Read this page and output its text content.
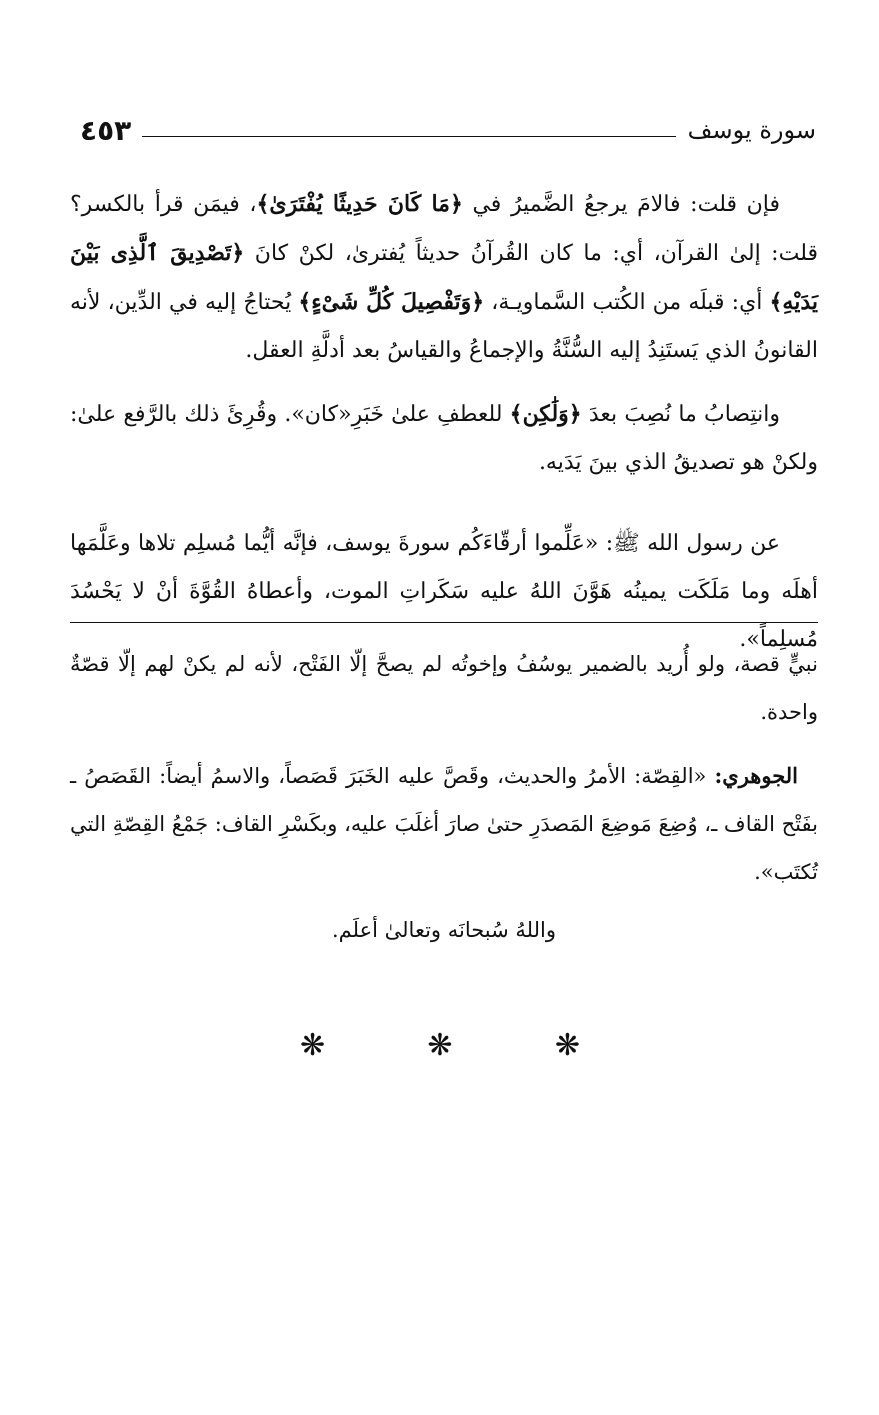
٤٥٣	سورة يوسف

فإن قلت: فالامَ يرجعُ الضَّميرُ في ﴿مَا كَانَ حَدِيثًا يُفْتَرَىٰ﴾، فيمَن قرأ بالكسر؟ قلت: إلىٰ القرآن، أي: ما كان القُرآنُ حديثاً يُفترىٰ، لكنْ كانَ ﴿تَصْدِيقَ ٱلَّذِى بَيْنَ يَدَيْهِ﴾ أي: قبلَه من الكُتب السَّماويـة، ﴿وَتَفْصِيلَ كُلِّ شَىْءٍ﴾ يُحتاجُ إليه في الدِّين، لأنه القانونُ الذي يَستَنِدُ إليه السُّنَّةُ والإجماعُ والقياسُ بعد أدلَّةِ العقل.

وانتِصابُ ما نُصِبَ بعدَ ﴿وَلَٰكِن﴾ للعطفِ علىٰ خَبَرِ«كان». وقُرِئَ ذلك بالرَّفع علىٰ: ولكنْ هو تصديقُ الذي بينَ يَدَيه.

عن رسول الله ﷺ: «عَلِّموا أرقّاءَكُم سورةَ يوسف، فإنَّه أيُّما مُسلِم تلاها وعَلَّمَها أهلَه وما مَلَكَت يمينُه هَوَّنَ اللهُ عليه سَكَراتِ الموت، وأعطاهُ القُوَّةَ أنْ لا يَحْسُدَ مُسلِماً».

نبيٍّ قصة، ولو أُريد بالضمير يوسُفُ وإخوتُه لم يصحَّ إلّا الفَتْح، لأنه لم يكنْ لهم إلّا قصّةٌ واحدة.

الجوهري: «القِصّة: الأمرُ والحديث، وقَصَّ عليه الخَبَرَ قَصَصاً، والاسمُ أيضاً: القَصَصُ ـ بفَتْح القاف ـ، وُضِعَ مَوضِعَ المَصدَرِ حتىٰ صارَ أغلَبَ عليه، وبكَسْرِ القاف: جَمْعُ القِصّةِ التي تُكتَب».

واللهُ سُبحانَه وتعالىٰ أعلَم.
❋	❋	❋
